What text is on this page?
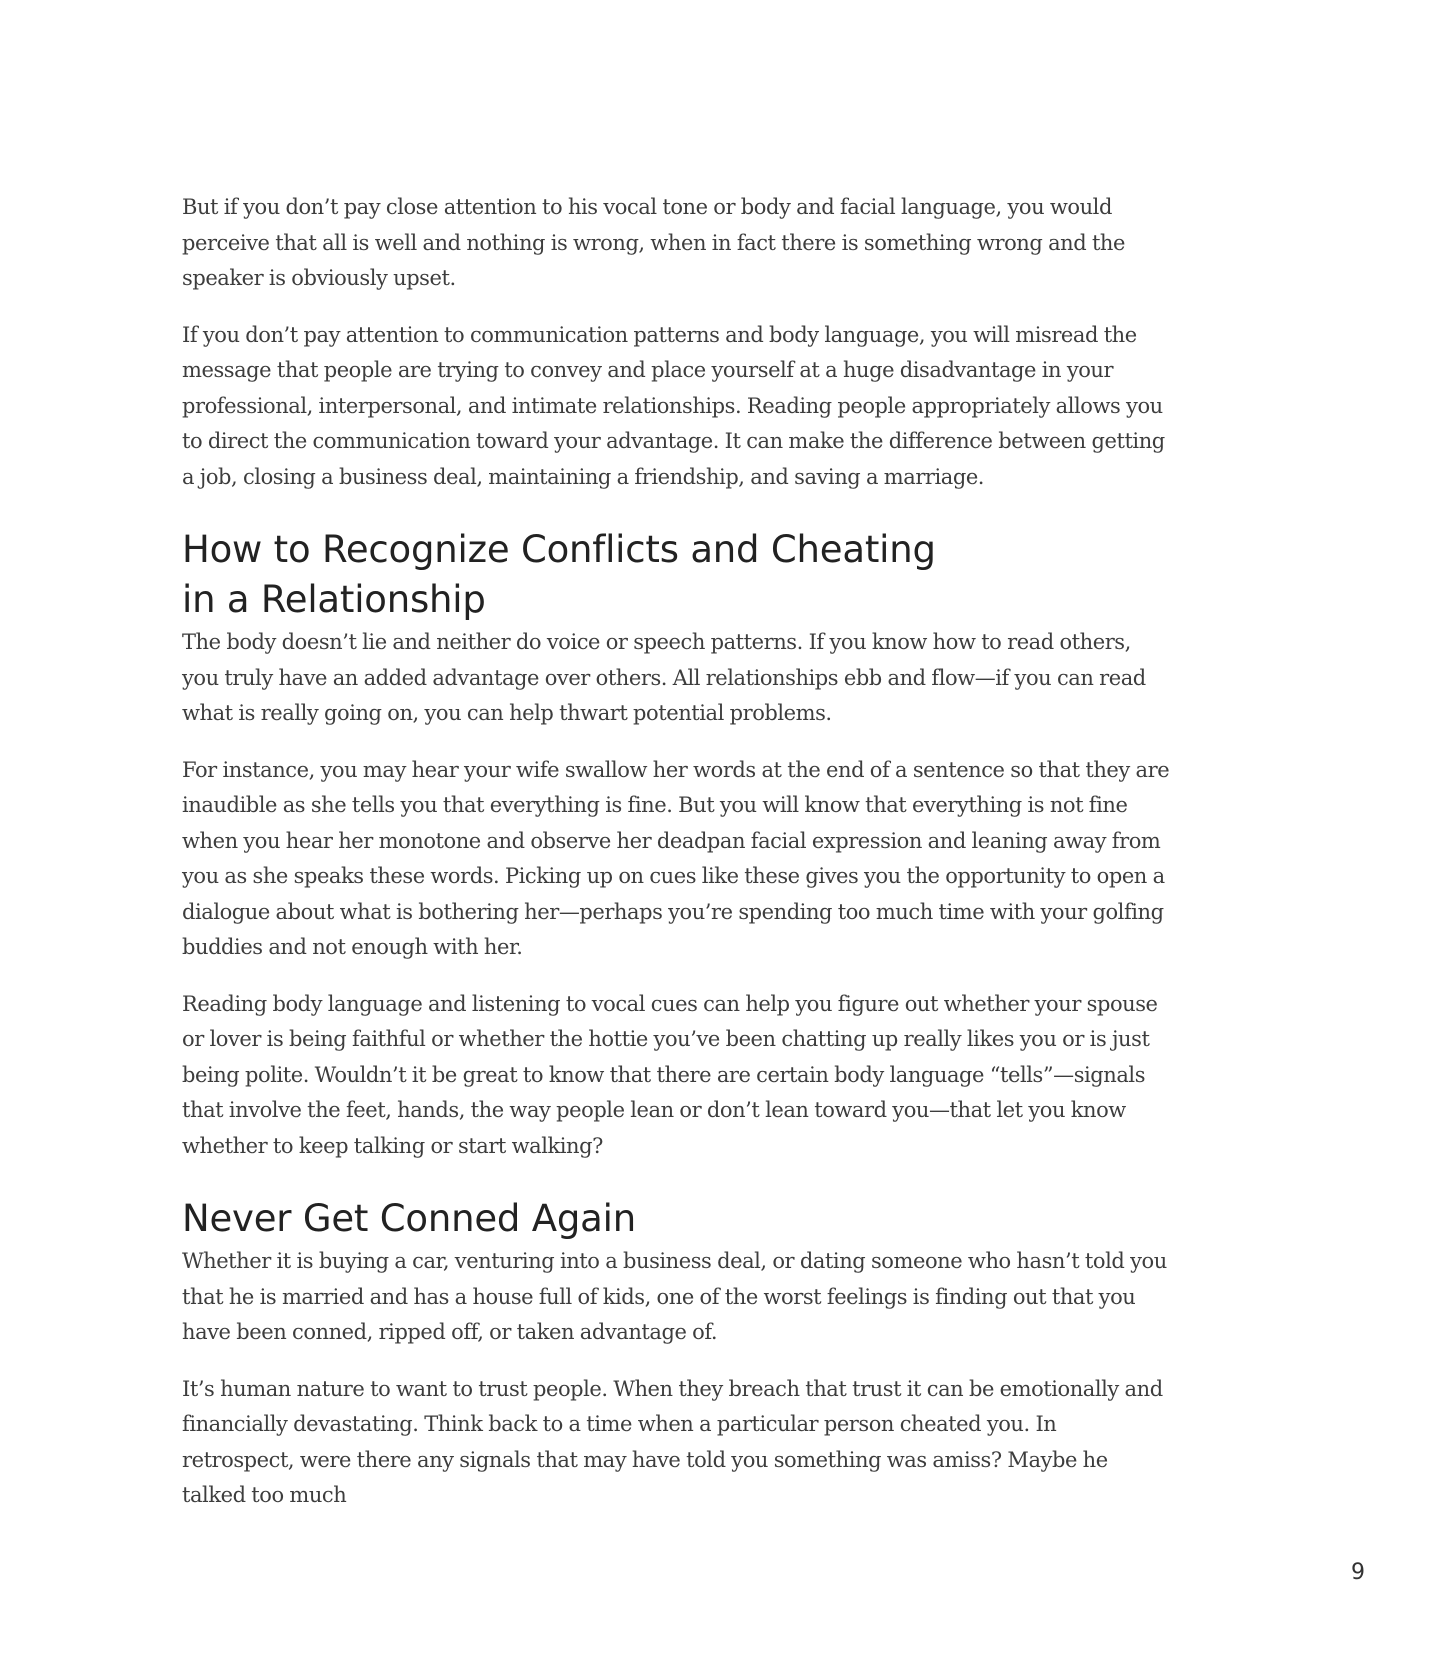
But if you don’t pay close attention to his vocal tone or body and facial language, you would perceive that all is well and nothing is wrong, when in fact there is something wrong and the speaker is obviously upset.

If you don’t pay attention to communication patterns and body language, you will misread the message that people are trying to convey and place yourself at a huge disadvantage in your professional, interpersonal, and intimate relationships. Reading people appropriately allows you to direct the communication toward your advantage. It can make the difference between getting a job, closing a business deal, maintaining a friendship, and saving a marriage.

How to Recognize Conflicts and Cheating
in a Relationship

The body doesn’t lie and neither do voice or speech patterns. If you know how to read others, you truly have an added advantage over others. All relationships ebb and flow—if you can read what is really going on, you can help thwart potential problems.

For instance, you may hear your wife swallow her words at the end of a sentence so that they are inaudible as she tells you that everything is fine. But you will know that everything is not fine when you hear her monotone and observe her deadpan facial expression and leaning away from you as she speaks these words. Picking up on cues like these gives you the opportunity to open a dialogue about what is bothering her—perhaps you’re spending too much time with your golfing buddies and not enough with her.

Reading body language and listening to vocal cues can help you figure out whether your spouse or lover is being faithful or whether the hottie you’ve been chatting up really likes you or is just being polite. Wouldn’t it be great to know that there are certain body language “tells”—signals that involve the feet, hands, the way people lean or don’t lean toward you—that let you know whether to keep talking or start walking?

Never Get Conned Again

Whether it is buying a car, venturing into a business deal, or dating someone who hasn’t told you that he is married and has a house full of kids, one of the worst feelings is finding out that you have been conned, ripped off, or taken advantage of.

It’s human nature to want to trust people. When they breach that trust it can be emotionally and financially devastating. Think back to a time when a particular person cheated you. In retrospect, were there any signals that may have told you something was amiss? Maybe he talked too much

9
